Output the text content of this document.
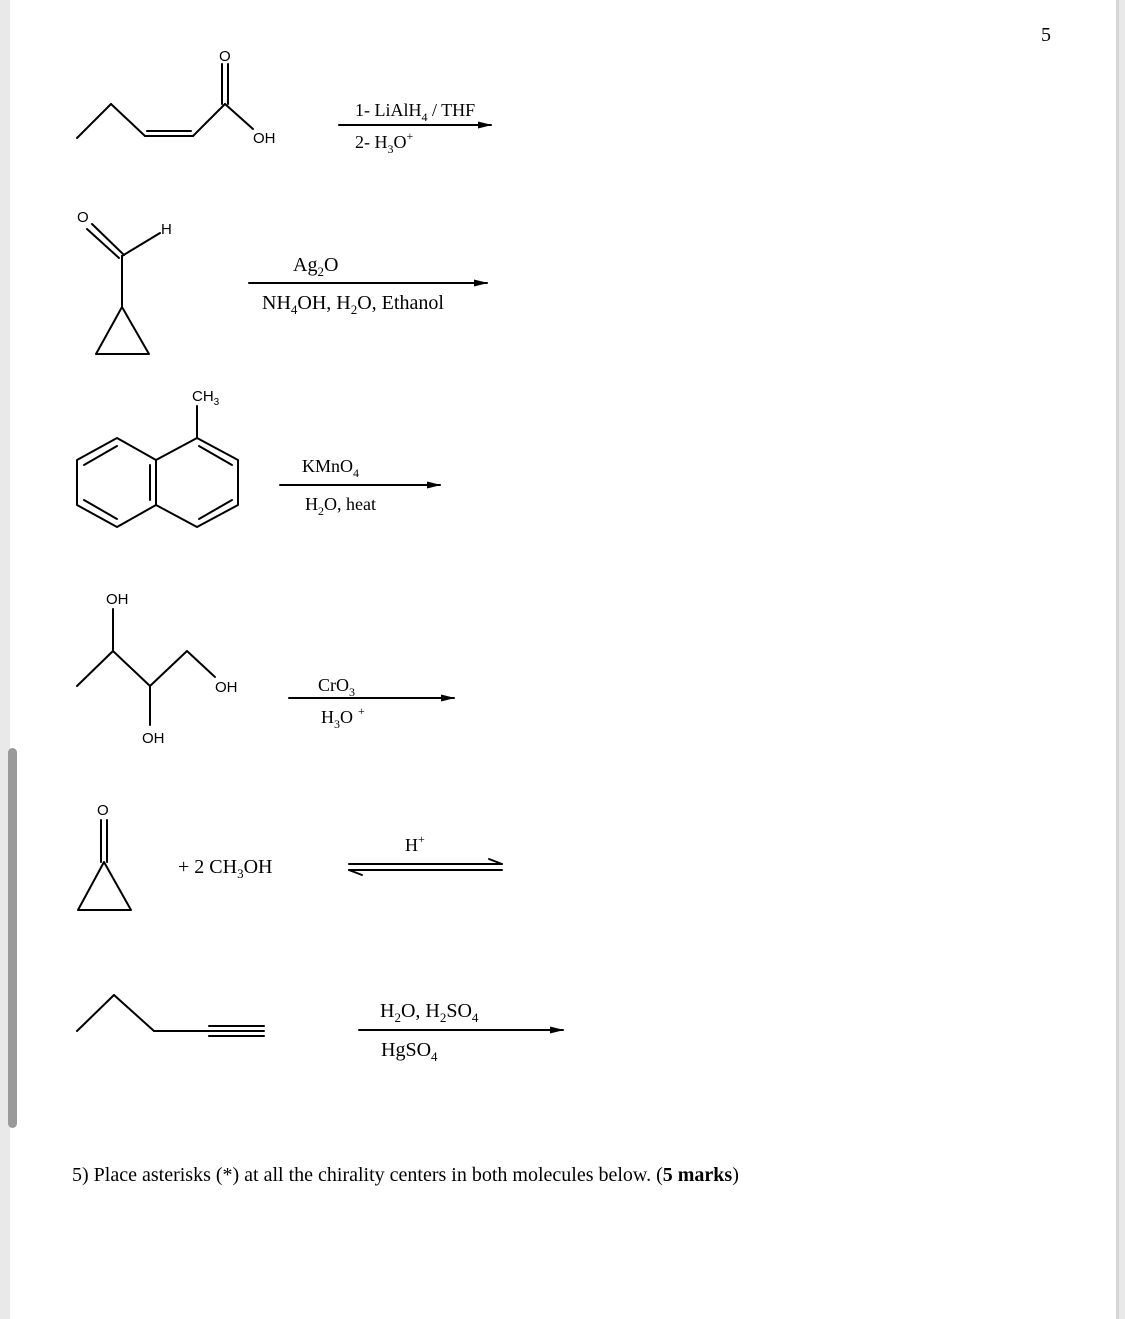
5
O
OH
1- LiAlH$_4$ / THF
2- $H_3O^+$
O
H
$Ag_2O$
$NH_4OH$, $H_2O$, Ethanol
$CH_3$
KMnO$_4$
$H_2O$, heat
OH
OH
OH
CrO$_3$
$H_3O$ +
O
+ 2 $CH_3OH$
H+
$H_2O$, $H_2SO_4$
HgSO$_4$
5) Place asterisks (*) at all the chirality centers in both molecules below. (5 marks)
